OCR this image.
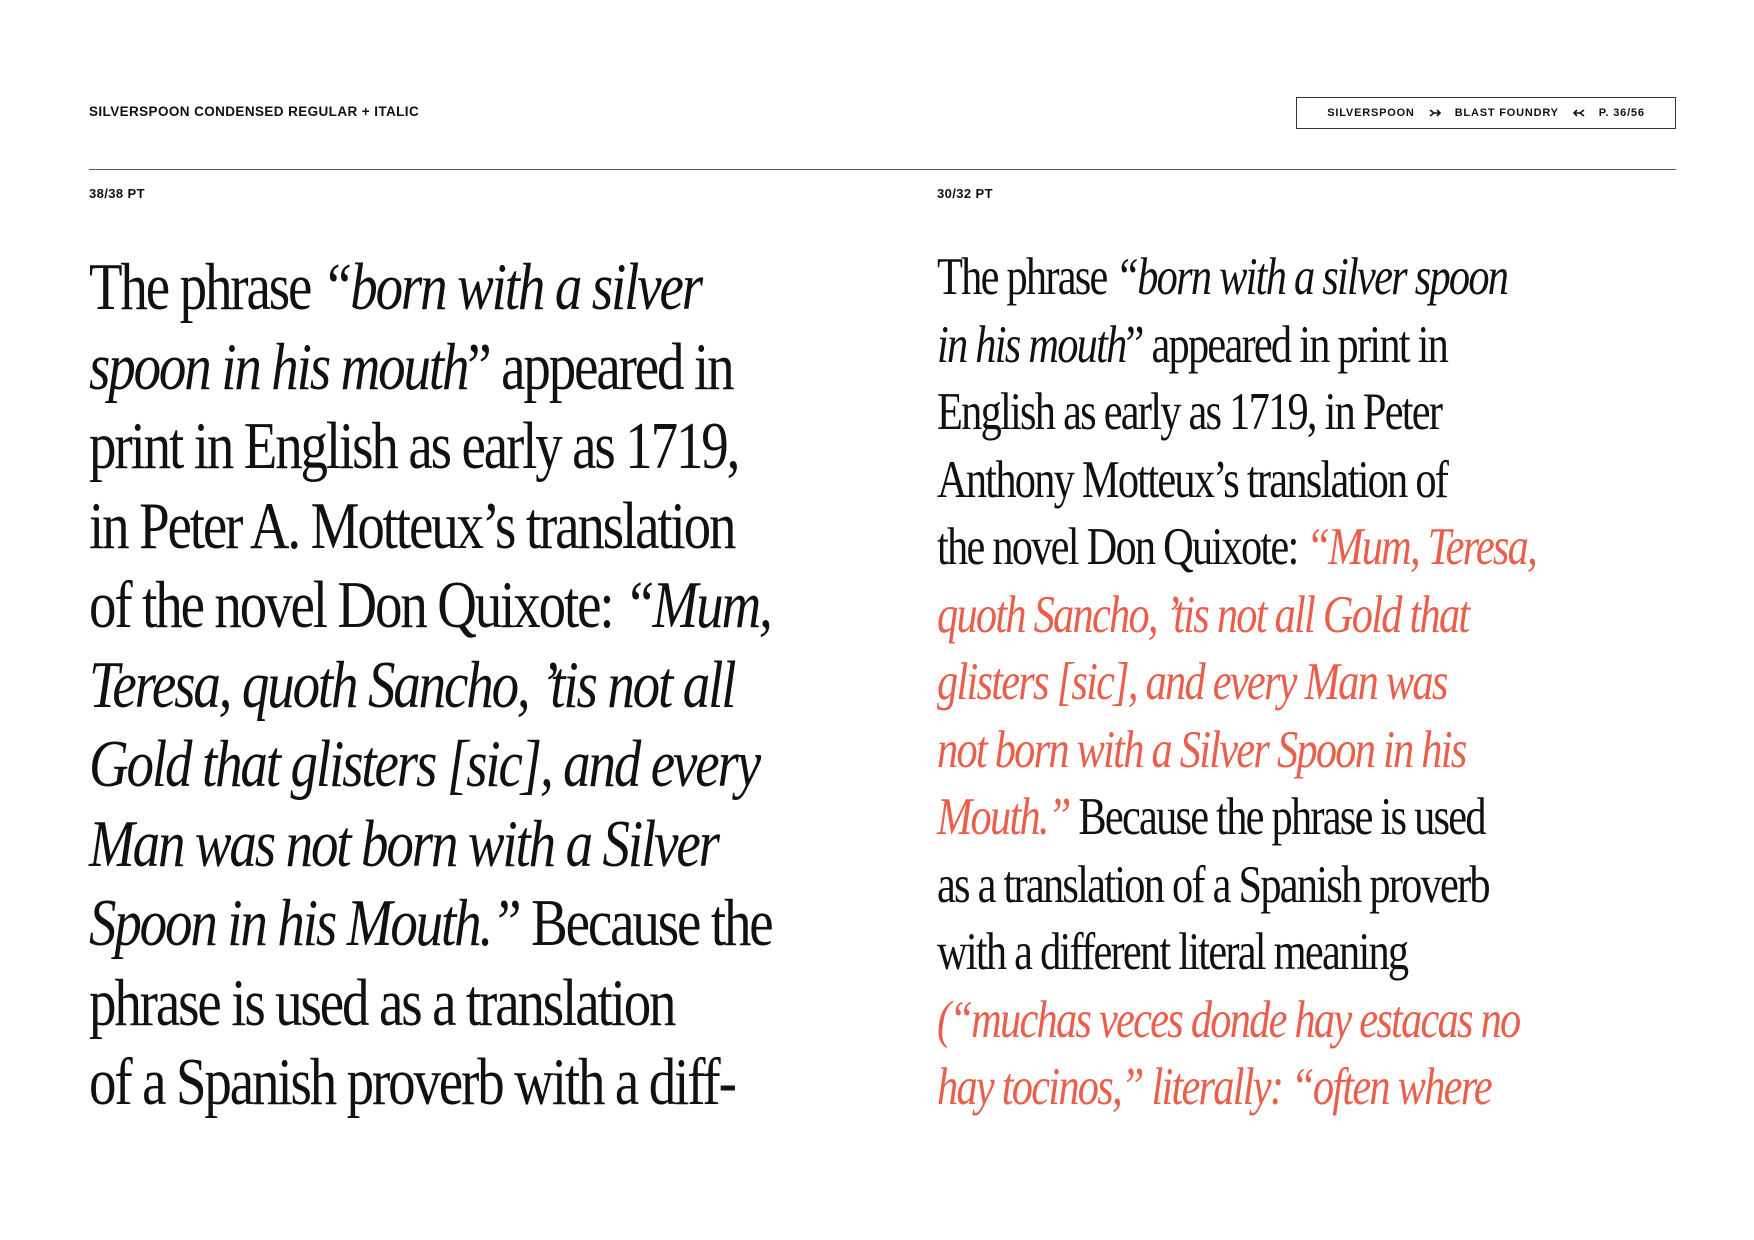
SILVERSPOON CONDENSED REGULAR + ITALIC	SILVERSPOON	BLAST FOUNDRY	P. 36/56
38/38 PT	30/32 PT
The phrase “born with a silver
spoon in his mouth” appeared in
print in English as early as 1719,
in Peter A. Motteux’s translation
of the novel Don Quixote: “Mum,
Teresa, quoth Sancho, ’tis not all
Gold that glisters [sic], and every
Man was not born with a Silver
Spoon in his Mouth.” Because the
phrase is used as a translation
of a Spanish proverb with a diff-
The phrase “born with a silver spoon
in his mouth” appeared in print in
English as early as 1719, in Peter
Anthony Motteux’s translation of
the novel Don Quixote: “Mum, Teresa,
quoth Sancho, ’tis not all Gold that
glisters [sic], and every Man was
not born with a Silver Spoon in his
Mouth.” Because the phrase is used
as a translation of a Spanish proverb
with a different literal meaning
(“muchas veces donde hay estacas no
hay tocinos,” literally: “often where
